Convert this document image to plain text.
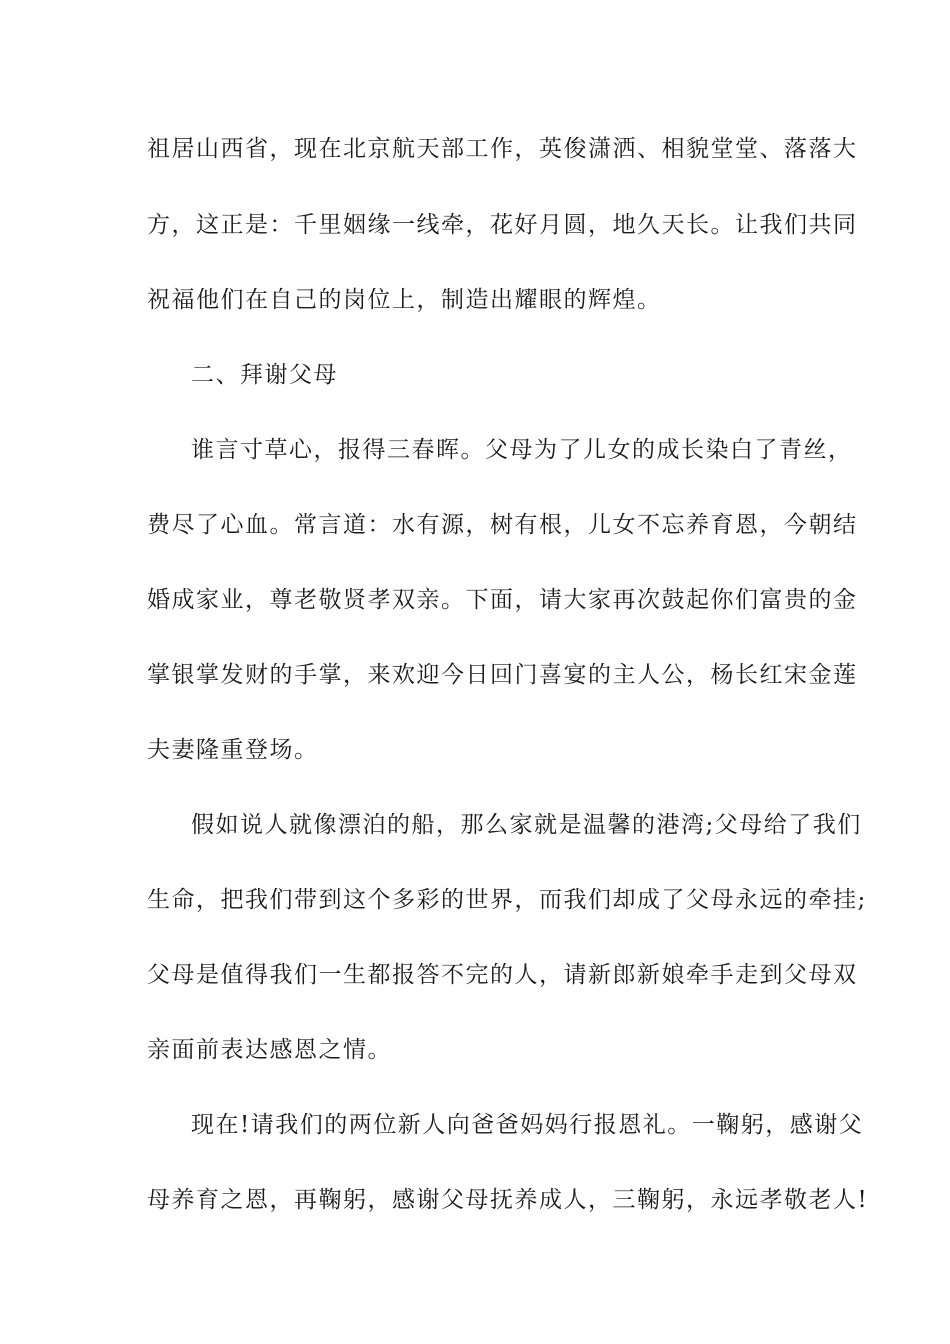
祖居山西省，现在北京航天部工作，英俊潇洒、相貌堂堂、落落大
方，这正是：千里姻缘一线牵，花好月圆，地久天长。让我们共同
祝福他们在自己的岗位上，制造出耀眼的辉煌。
二、拜谢父母
谁言寸草心，报得三春晖。父母为了儿女的成长染白了青丝，
费尽了心血。常言道：水有源，树有根，儿女不忘养育恩，今朝结
婚成家业，尊老敬贤孝双亲。下面，请大家再次鼓起你们富贵的金
掌银掌发财的手掌，来欢迎今日回门喜宴的主人公，杨长红宋金莲
夫妻隆重登场。
假如说人就像漂泊的船，那么家就是温馨的港湾;父母给了我们
生命，把我们带到这个多彩的世界，而我们却成了父母永远的牵挂;
父母是值得我们一生都报答不完的人，请新郎新娘牵手走到父母双
亲面前表达感恩之情。
现在!请我们的两位新人向爸爸妈妈行报恩礼。一鞠躬，感谢父
母养育之恩，再鞠躬，感谢父母抚养成人，三鞠躬，永远孝敬老人!
